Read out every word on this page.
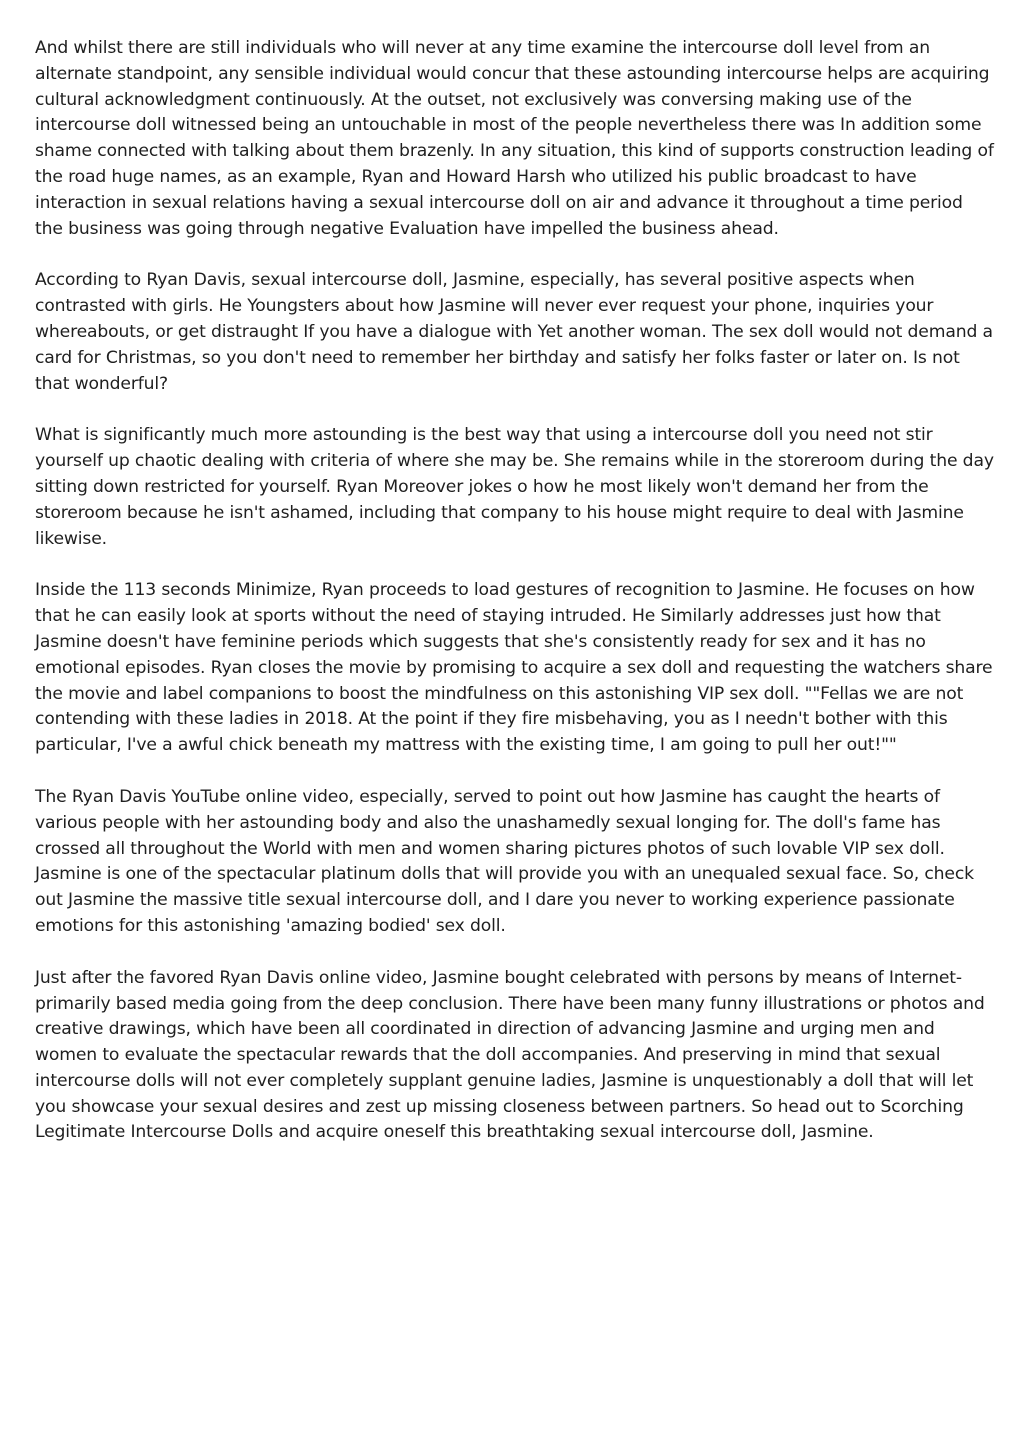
And whilst there are still individuals who will never at any time examine the intercourse doll level from an alternate standpoint, any sensible individual would concur that these astounding intercourse helps are acquiring cultural acknowledgment continuously. At the outset, not exclusively was conversing making use of the intercourse doll witnessed being an untouchable in most of the people nevertheless there was In addition some shame connected with talking about them brazenly. In any situation, this kind of supports construction leading of the road huge names, as an example, Ryan and Howard Harsh who utilized his public broadcast to have interaction in sexual relations having a sexual intercourse doll on air and advance it throughout a time period the business was going through negative Evaluation have impelled the business ahead.

According to Ryan Davis, sexual intercourse doll, Jasmine, especially, has several positive aspects when contrasted with girls. He Youngsters about how Jasmine will never ever request your phone, inquiries your whereabouts, or get distraught If you have a dialogue with Yet another woman. The sex doll would not demand a card for Christmas, so you don't need to remember her birthday and satisfy her folks faster or later on. Is not that wonderful?

What is significantly much more astounding is the best way that using a intercourse doll you need not stir yourself up chaotic dealing with criteria of where she may be. She remains while in the storeroom during the day sitting down restricted for yourself. Ryan Moreover jokes o how he most likely won't demand her from the storeroom because he isn't ashamed, including that company to his house might require to deal with Jasmine likewise.

Inside the 113 seconds Minimize, Ryan proceeds to load gestures of recognition to Jasmine. He focuses on how that he can easily look at sports without the need of staying intruded. He Similarly addresses just how that Jasmine doesn't have feminine periods which suggests that she's consistently ready for sex and it has no emotional episodes. Ryan closes the movie by promising to acquire a sex doll and requesting the watchers share the movie and label companions to boost the mindfulness on this astonishing VIP sex doll. ""Fellas we are not contending with these ladies in 2018. At the point if they fire misbehaving, you as I needn't bother with this particular, I've a awful chick beneath my mattress with the existing time, I am going to pull her out!""

The Ryan Davis YouTube online video, especially, served to point out how Jasmine has caught the hearts of various people with her astounding body and also the unashamedly sexual longing for. The doll's fame has crossed all throughout the World with men and women sharing pictures photos of such lovable VIP sex doll. Jasmine is one of the spectacular platinum dolls that will provide you with an unequaled sexual face. So, check out Jasmine the massive title sexual intercourse doll, and I dare you never to working experience passionate emotions for this astonishing 'amazing bodied' sex doll.

Just after the favored Ryan Davis online video, Jasmine bought celebrated with persons by means of Internet-primarily based media going from the deep conclusion. There have been many funny illustrations or photos and creative drawings, which have been all coordinated in direction of advancing Jasmine and urging men and women to evaluate the spectacular rewards that the doll accompanies. And preserving in mind that sexual intercourse dolls will not ever completely supplant genuine ladies, Jasmine is unquestionably a doll that will let you showcase your sexual desires and zest up missing closeness between partners. So head out to Scorching Legitimate Intercourse Dolls and acquire oneself this breathtaking sexual intercourse doll, Jasmine.
